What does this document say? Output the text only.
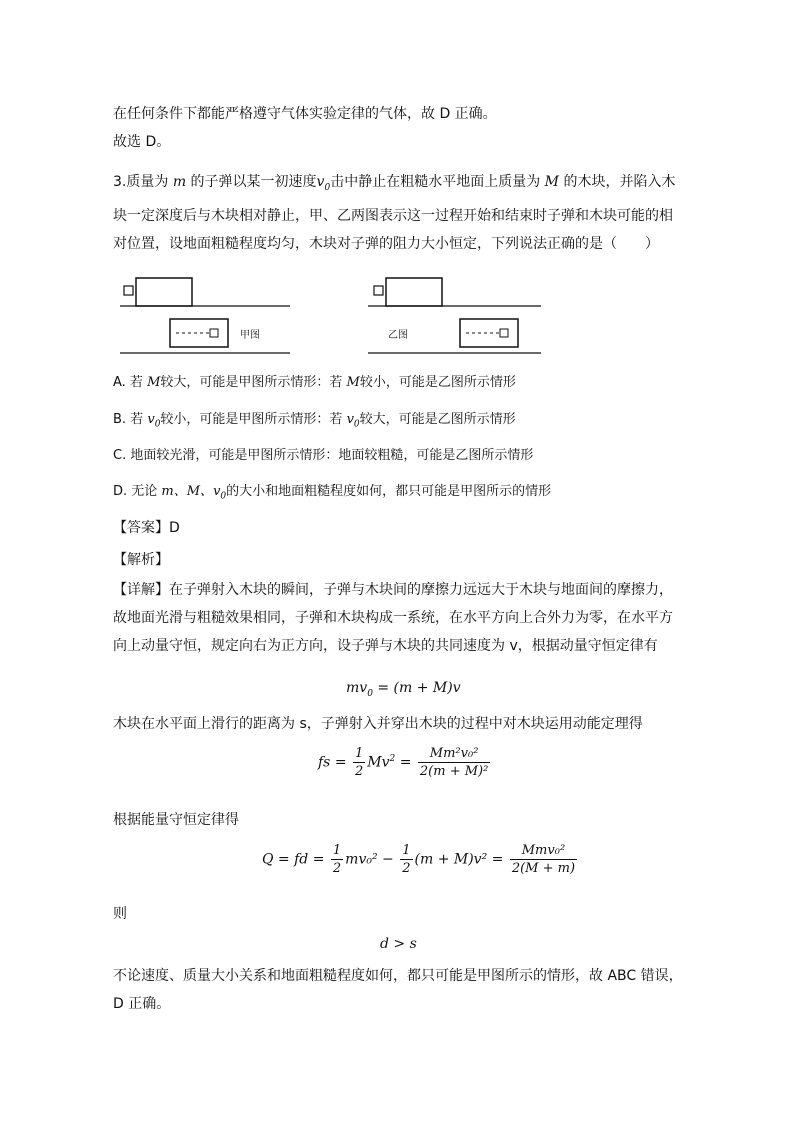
在任何条件下都能严格遵守气体实验定律的气体，故 D 正确。
故选 D。
3.质量为 m 的子弹以某一初速度$v_0$击中静止在粗糙水平地面上质量为 M 的木块，并陷入木块一定深度后与木块相对静止，甲、乙两图表示这一过程开始和结束时子弹和木块可能的相对位置，设地面粗糙程度均匀，木块对子弹的阻力大小恒定，下列说法正确的是（　　）
甲图	乙图
A. 若 M较大，可能是甲图所示情形：若 M较小，可能是乙图所示情形
B. 若 $v_0$较小，可能是甲图所示情形：若 $v_0$较大，可能是乙图所示情形
C. 地面较光滑，可能是甲图所示情形：地面较粗糙，可能是乙图所示情形
D. 无论 m、M、$v_0$的大小和地面粗糙程度如何，都只可能是甲图所示的情形
【答案】D
【解析】
【详解】在子弹射入木块的瞬间，子弹与木块间的摩擦力远远大于木块与地面间的摩擦力，故地面光滑与粗糙效果相同，子弹和木块构成一系统，在水平方向上合外力为零，在水平方向上动量守恒，规定向右为正方向，设子弹与木块的共同速度为 v，根据动量守恒定律有
$mv_0 = (m + M)v$
木块在水平面上滑行的距离为 s，子弹射入并穿出木块的过程中对木块运用动能定理得
fs = $\frac{1}{2} Mv^2 = \frac{\text{Mm²v₀²}}{\text{2(m + M)²}}$
根据能量守恒定律得
Q = fd = $\frac{1}{2} mv_0^2 - \frac{1}{2} (m + M)v^2 = \frac{\text{Mmv₀²}}{2(M + m)}$
则
d > s
不论速度、质量大小关系和地面粗糙程度如何，都只可能是甲图所示的情形，故 ABC 错误，D 正确。
